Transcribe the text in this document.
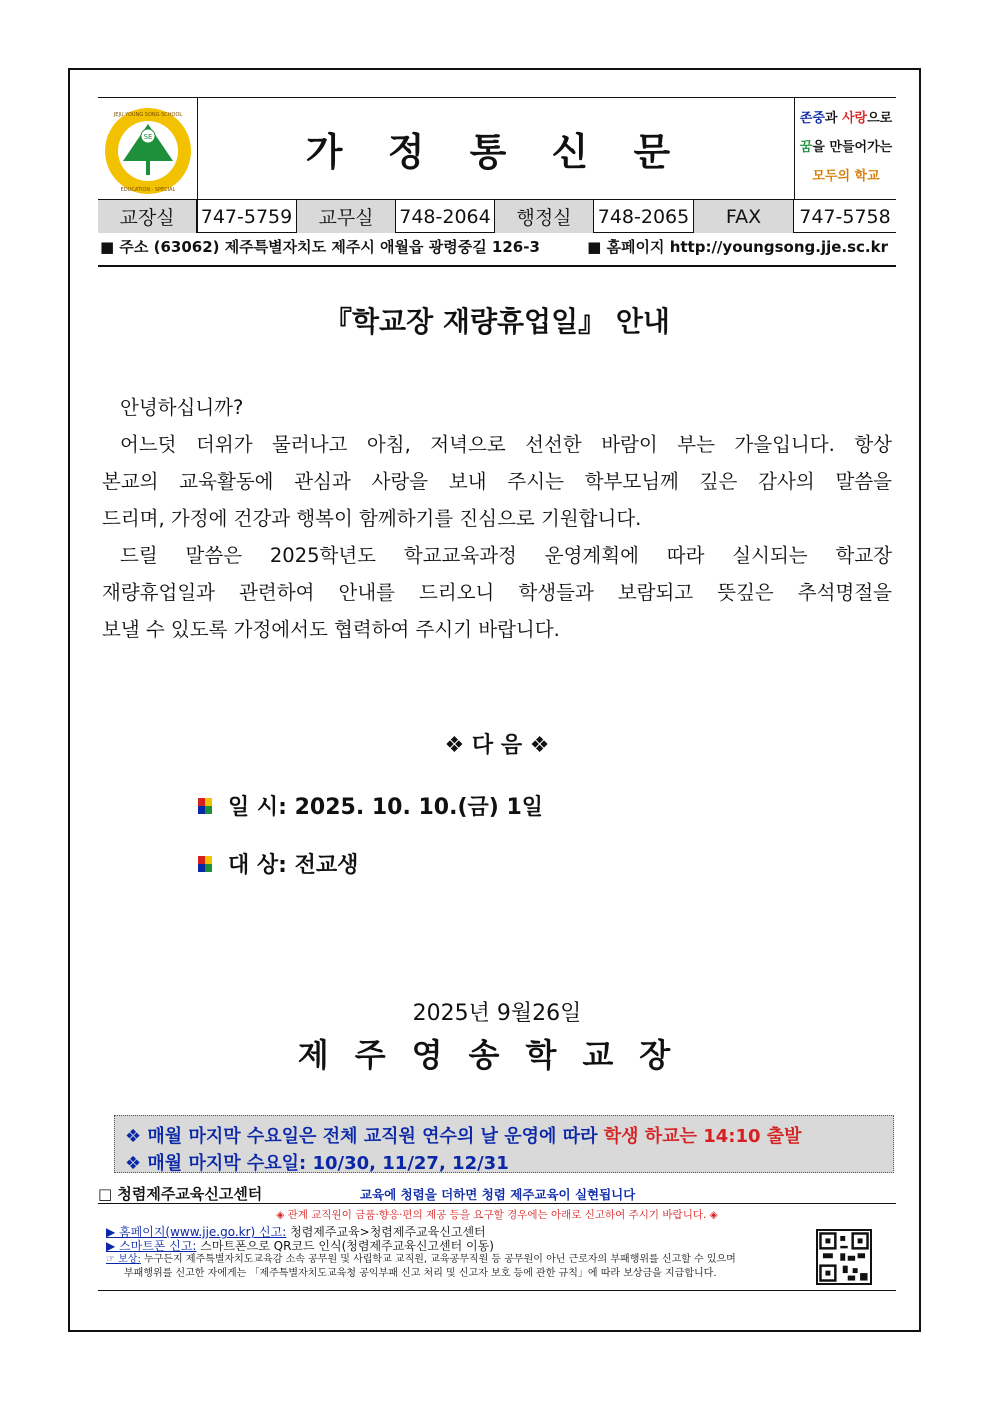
SE
JEJU YOUNG SONG SCHOOL
EDUCATION · SPECIAL
가 정 통 신 문
존중과 사랑으로
꿈을 만들어가는
모두의 학교
교장실	747-5759	교무실	748-2064	행정실	748-2065	FAX	747-5758
■ 주소 (63062) 제주특별자치도 제주시 애월읍 광령중길 126-3	■ 홈페이지 http://youngsong.jje.sc.kr
『학교장 재량휴업일』 안내
안녕하십니까?
어느덧 더위가 물러나고 아침, 저녁으로 선선한 바람이 부는 가을입니다. 항상
본교의 교육활동에 관심과 사랑을 보내 주시는 학부모님께 깊은 감사의 말씀을
드리며, 가정에 건강과 행복이 함께하기를 진심으로 기원합니다.
드릴 말씀은 2025학년도 학교교육과정 운영계획에 따라 실시되는 학교장
재량휴업일과 관련하여 안내를 드리오니 학생들과 보람되고 뜻깊은 추석명절을
보낼 수 있도록 가정에서도 협력하여 주시기 바랍니다.
❖ 다 음 ❖
일 시: 2025. 10. 10.(금) 1일
대 상: 전교생
2025년 9월26일
제주영송학교장
❖ 매월 마지막 수요일은 전체 교직원 연수의 날 운영에 따라 학생 하교는 14:10 출발
❖ 매월 마지막 수요일: 10/30, 11/27, 12/31
□ 청렴제주교육신고센터	교육에 청렴을 더하면 청렴 제주교육이 실현됩니다
◈ 관계 교직원이 금품·향응·편의 제공 등을 요구할 경우에는 아래로 신고하여 주시기 바랍니다. ◈
▶ 홈페이지(www.jje.go.kr) 신고: 청렴제주교육>청렴제주교육신고센터
▶ 스마트폰 신고: 스마트폰으로 QR코드 인식(청렴제주교육신고센터 이동)
☞ 보상: 누구든지 제주특별자치도교육감 소속 공무원 및 사립학교 교직원, 교육공무직원 등 공무원이 아닌 근로자의 부패행위를 신고할 수 있으며
부패행위를 신고한 자에게는 「제주특별자치도교육청 공익부패 신고 처리 및 신고자 보호 등에 관한 규칙」에 따라 보상금을 지급합니다.
